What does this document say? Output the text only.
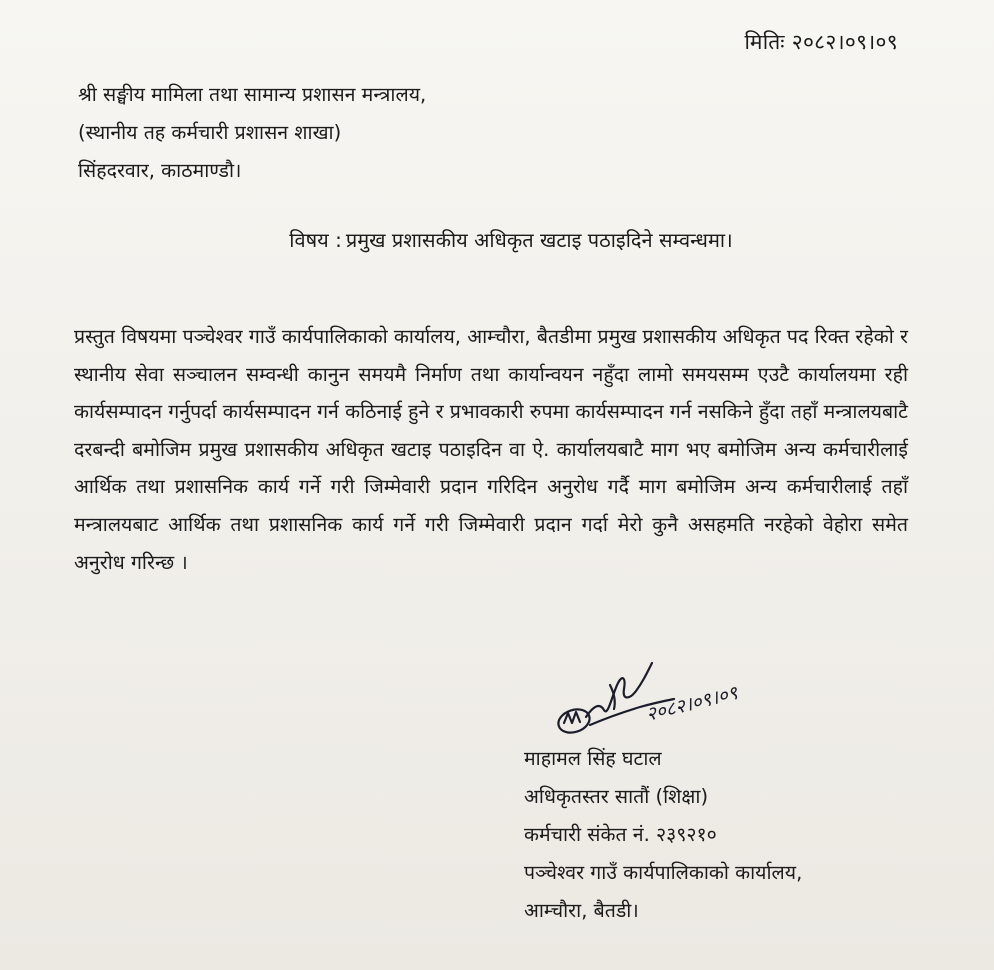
मितिः २०८२।०९।०९
श्री सङ्घीय मामिला तथा सामान्य प्रशासन मन्त्रालय,
(स्थानीय तह कर्मचारी प्रशासन शाखा)
सिंहदरवार, काठमाण्डौ।
विषय : प्रमुख प्रशासकीय अधिकृत खटाइ पठाइदिने सम्वन्धमा।
प्रस्तुत विषयमा पञ्चेश्वर गाउँ कार्यपालिकाको कार्यालय, आम्चौरा, बैतडीमा प्रमुख प्रशासकीय अधिकृत पद रिक्त रहेको र स्थानीय सेवा सञ्चालन सम्वन्धी कानुन समयमै निर्माण तथा कार्यान्वयन नहुँदा लामो समयसम्म एउटै कार्यालयमा रही कार्यसम्पादन गर्नुपर्दा कार्यसम्पादन गर्न कठिनाई हुने र प्रभावकारी रुपमा कार्यसम्पादन गर्न नसकिने हुँदा तहाँ मन्त्रालयबाटै दरबन्दी बमोजिम प्रमुख प्रशासकीय अधिकृत खटाइ पठाइदिन वा ऐ. कार्यालयबाटै माग भए बमोजिम अन्य कर्मचारीलाई आर्थिक तथा प्रशासनिक कार्य गर्ने गरी जिम्मेवारी प्रदान गरिदिन अनुरोध गर्दै माग बमोजिम अन्य कर्मचारीलाई तहाँ मन्त्रालयबाट आर्थिक तथा प्रशासनिक कार्य गर्ने गरी जिम्मेवारी प्रदान गर्दा मेरो कुनै असहमति नरहेको वेहोरा समेत अनुरोध गरिन्छ ।
२०८२।०९।०९
माहामल सिंह घटाल
अधिकृतस्तर सातौं (शिक्षा)
कर्मचारी संकेत नं. २३९२१०
पञ्चेश्वर गाउँ कार्यपालिकाको कार्यालय,
आम्चौरा, बैतडी।
